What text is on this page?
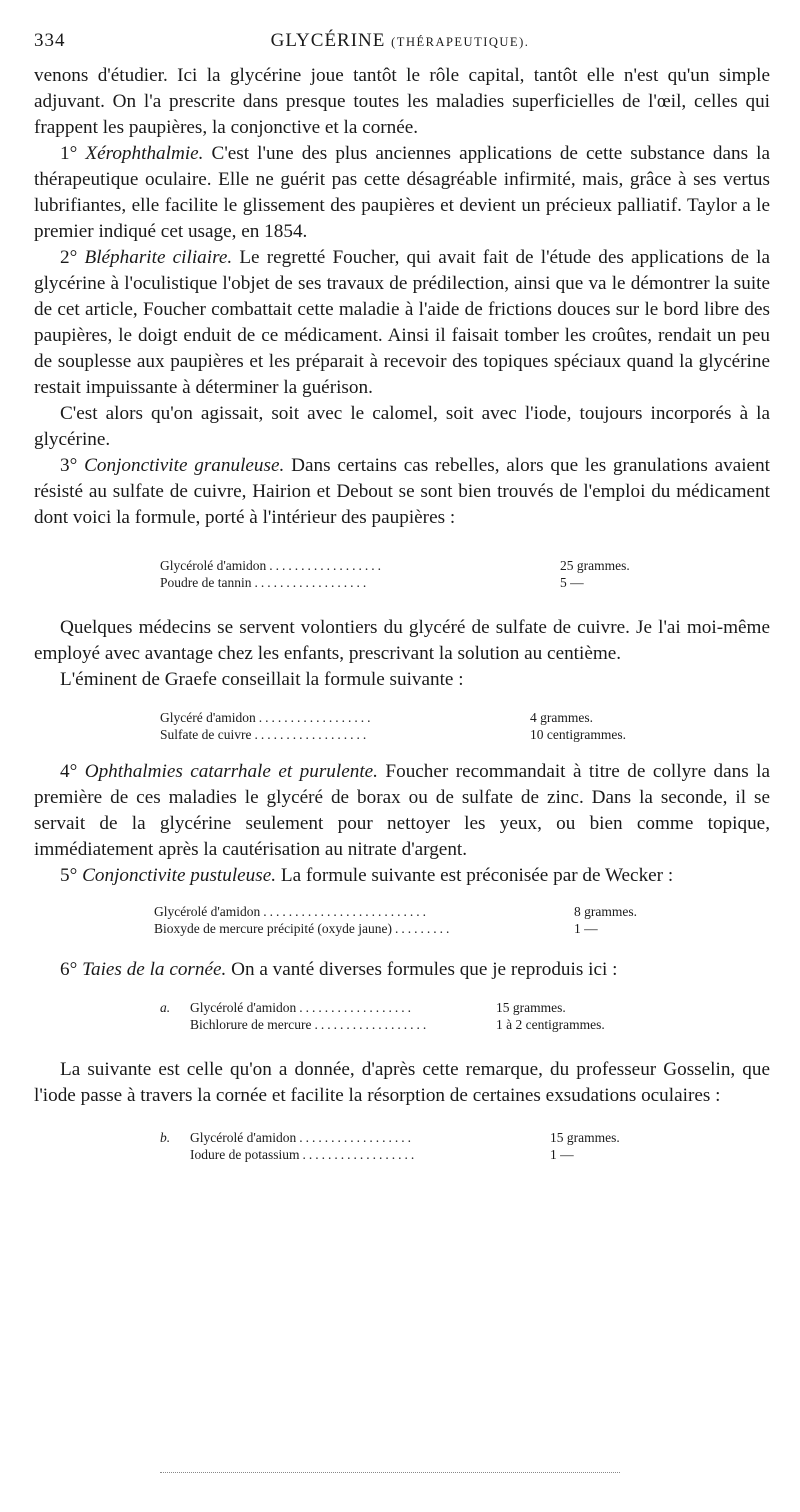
334	GLYCÉRINE (THÉRAPEUTIQUE).

venons d'étudier. Ici la glycérine joue tantôt le rôle capital, tantôt elle n'est qu'un simple adjuvant. On l'a prescrite dans presque toutes les maladies superficielles de l'œil, celles qui frappent les paupières, la conjonctive et la cornée.

1° Xérophthalmie. C'est l'une des plus anciennes applications de cette substance dans la thérapeutique oculaire. Elle ne guérit pas cette désagréable infirmité, mais, grâce à ses vertus lubrifiantes, elle facilite le glissement des paupières et devient un précieux palliatif. Taylor a le premier indiqué cet usage, en 1854.

2° Blépharite ciliaire. Le regretté Foucher, qui avait fait de l'étude des applications de la glycérine à l'oculistique l'objet de ses travaux de prédilection, ainsi que va le démontrer la suite de cet article, Foucher combattait cette maladie à l'aide de frictions douces sur le bord libre des paupières, le doigt enduit de ce médicament. Ainsi il faisait tomber les croûtes, rendait un peu de souplesse aux paupières et les préparait à recevoir des topiques spéciaux quand la glycérine restait impuissante à déterminer la guérison.

C'est alors qu'on agissait, soit avec le calomel, soit avec l'iode, toujours incorporés à la glycérine.

3° Conjonctivite granuleuse. Dans certains cas rebelles, alors que les granulations avaient résisté au sulfate de cuivre, Hairion et Debout se sont bien trouvés de l'emploi du médicament dont voici la formule, porté à l'intérieur des paupières :

Glycérolé d'amidon ..................	25 grammes.
Poudre de tannin ..................	5 —

Quelques médecins se servent volontiers du glycéré de sulfate de cuivre. Je l'ai moi-même employé avec avantage chez les enfants, prescrivant la solution au centième.

L'éminent de Graefe conseillait la formule suivante :

Glycéré d'amidon ..................	4 grammes.
Sulfate de cuivre ..................	10 centigrammes.

4° Ophthalmies catarrhale et purulente. Foucher recommandait à titre de collyre dans la première de ces maladies le glycéré de borax ou de sulfate de zinc. Dans la seconde, il se servait de la glycérine seulement pour nettoyer les yeux, ou bien comme topique, immédiatement après la cautérisation au nitrate d'argent.

5° Conjonctivite pustuleuse. La formule suivante est préconisée par de Wecker :

Glycérolé d'amidon ..........................	8 grammes.
Bioxyde de mercure précipité (oxyde jaune) .........	1 —

6° Taies de la cornée. On a vanté diverses formules que je reproduis ici :

a.	Glycérolé d'amidon ..................	15 grammes.
Bichlorure de mercure ..................	1 à 2 centigrammes.

La suivante est celle qu'on a donnée, d'après cette remarque, du professeur Gosselin, que l'iode passe à travers la cornée et facilite la résorption de certaines exsudations oculaires :

b.	Glycérolé d'amidon ..................	15 grammes.
Iodure de potassium ..................	1 —
